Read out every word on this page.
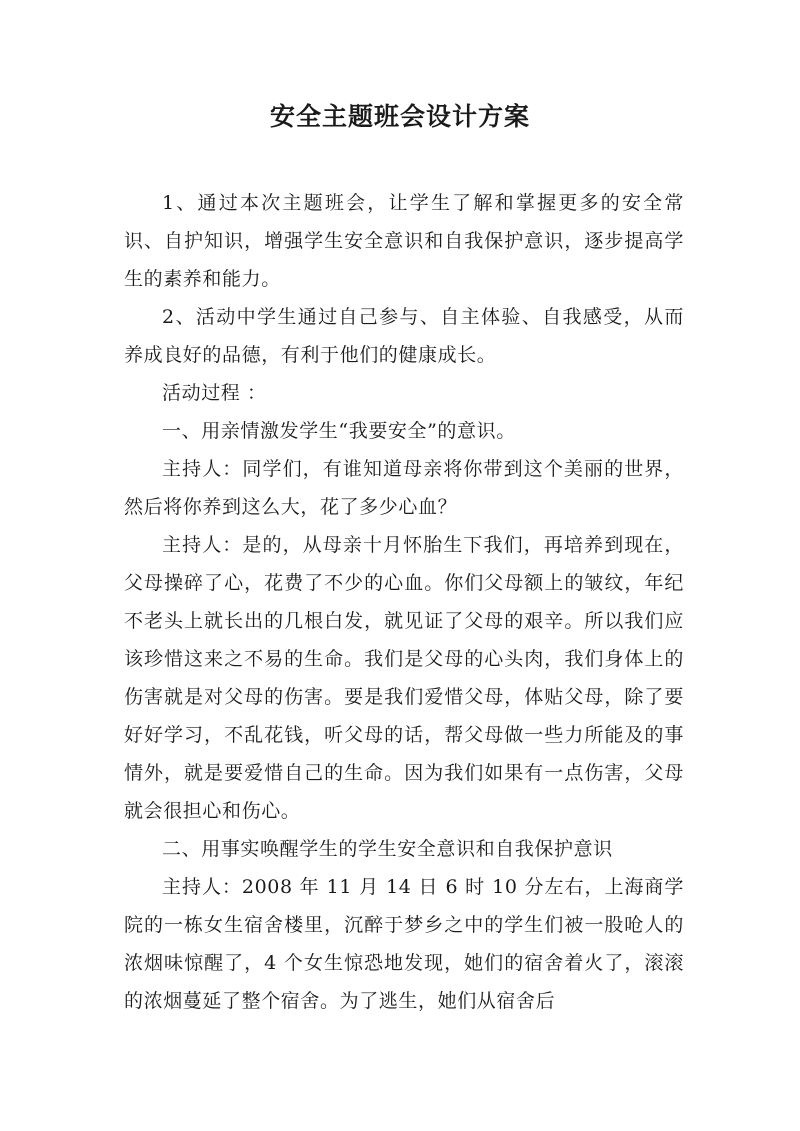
安全主题班会设计方案

1、通过本次主题班会，让学生了解和掌握更多的安全常识、自护知识，增强学生安全意识和自我保护意识，逐步提高学生的素养和能力。

2、活动中学生通过自己参与、自主体验、自我感受，从而养成良好的品德，有利于他们的健康成长。

活动过程 ：

一、用亲情激发学生“我要安全”的意识。

主持人：同学们，有谁知道母亲将你带到这个美丽的世界，然后将你养到这么大，花了多少心血？

主持人：是的，从母亲十月怀胎生下我们，再培养到现在，父母操碎了心，花费了不少的心血。你们父母额上的皱纹，年纪不老头上就长出的几根白发，就见证了父母的艰辛。所以我们应该珍惜这来之不易的生命。我们是父母的心头肉，我们身体上的伤害就是对父母的伤害。要是我们爱惜父母，体贴父母，除了要好好学习，不乱花钱，听父母的话，帮父母做一些力所能及的事情外，就是要爱惜自己的生命。因为我们如果有一点伤害，父母就会很担心和伤心。

二、用事实唤醒学生的学生安全意识和自我保护意识

主持人：2008 年 11 月 14 日 6 时 10 分左右，上海商学院的一栋女生宿舍楼里，沉醉于梦乡之中的学生们被一股呛人的浓烟味惊醒了，4 个女生惊恐地发现，她们的宿舍着火了，滚滚的浓烟蔓延了整个宿舍。为了逃生，她们从宿舍后
